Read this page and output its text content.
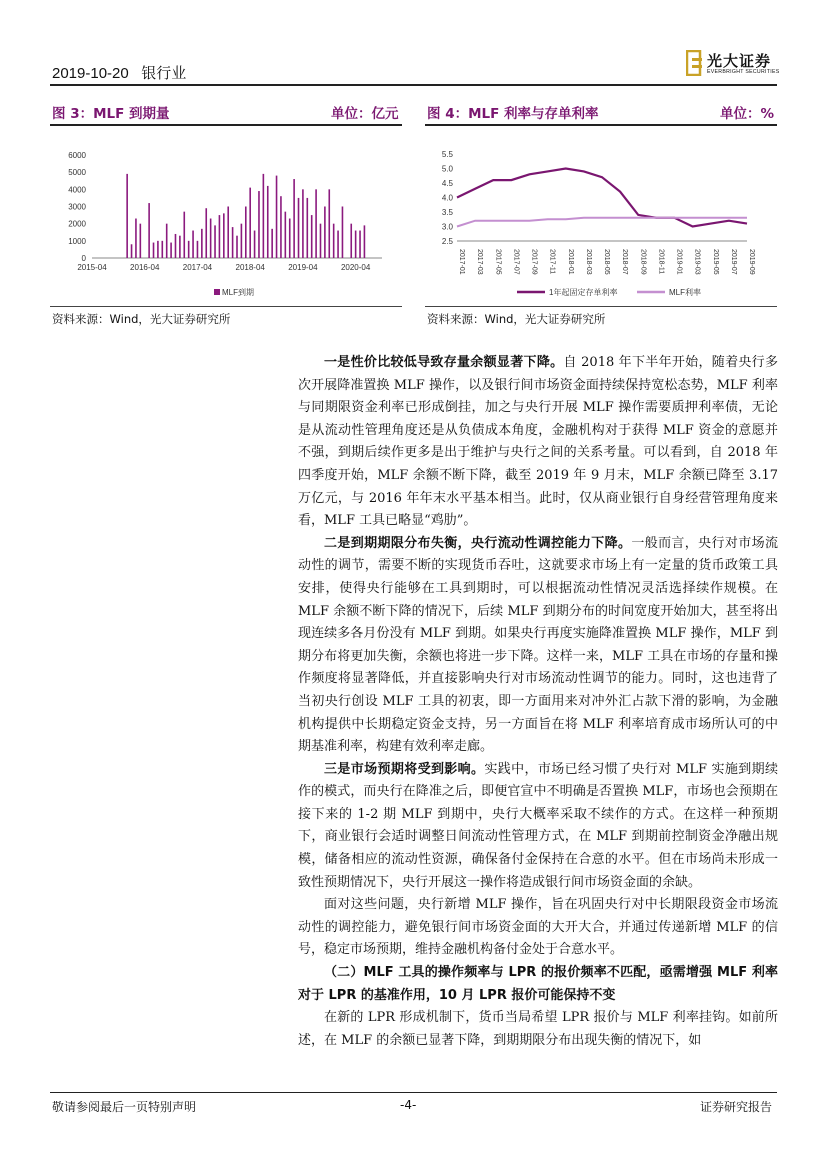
2019-10-20 银行业
光大证券
EVERBRIGHT SECURITIES
图 3：MLF 到期量	单位：亿元
6000
5000
4000
3000
2000
1000
0
2015-04	2016-04	2017-04	2018-04	2019-04	2020-04
MLF到期
资料来源：Wind，光大证券研究所
图 4：MLF 利率与存单利率	单位：%
5.5
5.0
4.5
4.0
3.5
3.0
2.5
2017-01 2017-03 2017-05 2017-07 2017-09 2017-11 2018-01 2018-03 2018-05 2018-07 2018-09 2018-11 2019-01 2019-03 2019-05 2019-07 2019-09
1年起固定存单利率	MLF利率
资料来源：Wind，光大证券研究所

一是性价比较低导致存量余额显著下降。自 2018 年下半年开始，随着央行多次开展降准置换 MLF 操作，以及银行间市场资金面持续保持宽松态势，MLF 利率与同期限资金利率已形成倒挂，加之与央行开展 MLF 操作需要质押利率债，无论是从流动性管理角度还是从负债成本角度，金融机构对于获得 MLF 资金的意愿并不强，到期后续作更多是出于维护与央行之间的关系考量。可以看到，自 2018 年四季度开始，MLF 余额不断下降，截至 2019 年 9 月末，MLF 余额已降至 3.17 万亿元，与 2016 年年末水平基本相当。此时，仅从商业银行自身经营管理角度来看，MLF 工具已略显“鸡肋”。

二是到期期限分布失衡，央行流动性调控能力下降。一般而言，央行对市场流动性的调节，需要不断的实现货币吞吐，这就要求市场上有一定量的货币政策工具安排，使得央行能够在工具到期时，可以根据流动性情况灵活选择续作规模。在 MLF 余额不断下降的情况下，后续 MLF 到期分布的时间宽度开始加大，甚至将出现连续多各月份没有 MLF 到期。如果央行再度实施降准置换 MLF 操作，MLF 到期分布将更加失衡，余额也将进一步下降。这样一来，MLF 工具在市场的存量和操作频度将显著降低，并直接影响央行对市场流动性调节的能力。同时，这也违背了当初央行创设 MLF 工具的初衷，即一方面用来对冲外汇占款下滑的影响，为金融机构提供中长期稳定资金支持，另一方面旨在将 MLF 利率培育成市场所认可的中期基准利率，构建有效利率走廊。

三是市场预期将受到影响。实践中，市场已经习惯了央行对 MLF 实施到期续作的模式，而央行在降准之后，即便官宣中不明确是否置换 MLF，市场也会预期在接下来的 1-2 期 MLF 到期中，央行大概率采取不续作的方式。在这样一种预期下，商业银行会适时调整日间流动性管理方式，在 MLF 到期前控制资金净融出规模，储备相应的流动性资源，确保备付金保持在合意的水平。但在市场尚未形成一致性预期情况下，央行开展这一操作将造成银行间市场资金面的余缺。

面对这些问题，央行新增 MLF 操作，旨在巩固央行对中长期限段资金市场流动性的调控能力，避免银行间市场资金面的大开大合，并通过传递新增 MLF 的信号，稳定市场预期，维持金融机构备付金处于合意水平。

（二）MLF 工具的操作频率与 LPR 的报价频率不匹配，亟需增强 MLF 利率对于 LPR 的基准作用，10 月 LPR 报价可能保持不变

在新的 LPR 形成机制下，货币当局希望 LPR 报价与 MLF 利率挂钩。如前所述，在 MLF 的余额已显著下降，到期期限分布出现失衡的情况下，如

敬请参阅最后一页特别声明	-4-	证券研究报告
